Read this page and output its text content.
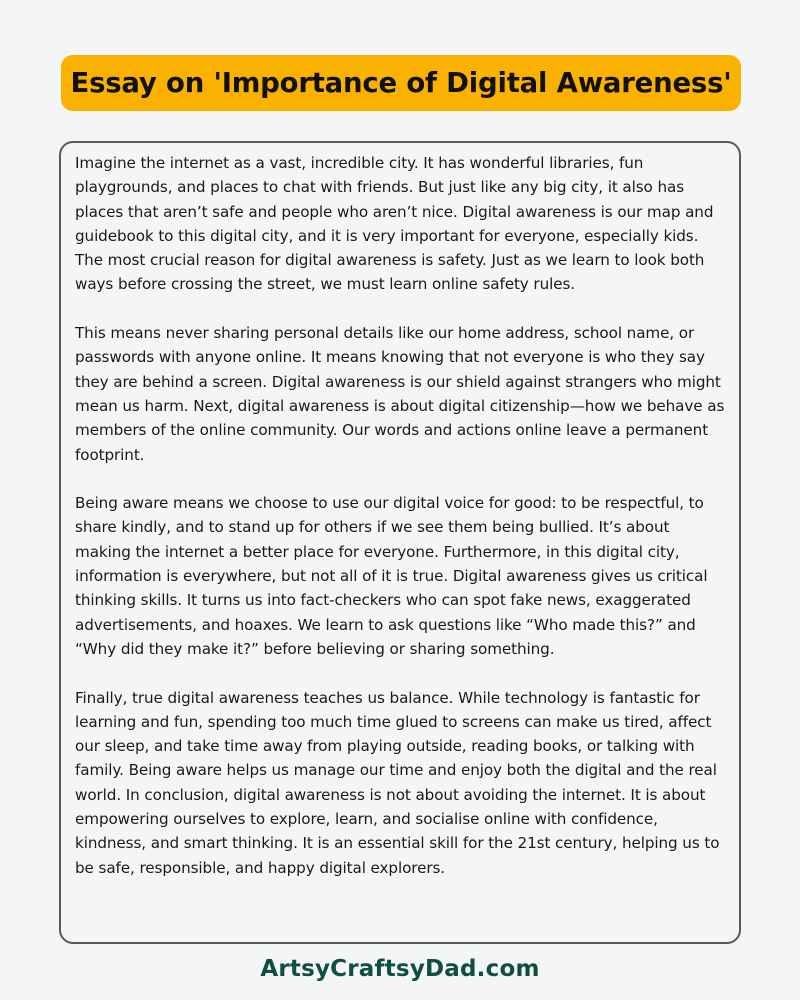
Essay on 'Importance of Digital Awareness'

Imagine the internet as a vast, incredible city. It has wonderful libraries, fun playgrounds, and places to chat with friends. But just like any big city, it also has places that aren’t safe and people who aren’t nice. Digital awareness is our map and guidebook to this digital city, and it is very important for everyone, especially kids.

The most crucial reason for digital awareness is safety. Just as we learn to look both ways before crossing the street, we must learn online safety rules.

This means never sharing personal details like our home address, school name, or passwords with anyone online. It means knowing that not everyone is who they say they are behind a screen. Digital awareness is our shield against strangers who might mean us harm. Next, digital awareness is about digital citizenship—how we behave as members of the online community. Our words and actions online leave a permanent footprint.

Being aware means we choose to use our digital voice for good: to be respectful, to share kindly, and to stand up for others if we see them being bullied. It’s about making the internet a better place for everyone. Furthermore, in this digital city, information is everywhere, but not all of it is true. Digital awareness gives us critical thinking skills. It turns us into fact-checkers who can spot fake news, exaggerated advertisements, and hoaxes. We learn to ask questions like “Who made this?” and “Why did they make it?” before believing or sharing something.

Finally, true digital awareness teaches us balance. While technology is fantastic for learning and fun, spending too much time glued to screens can make us tired, affect our sleep, and take time away from playing outside, reading books, or talking with family. Being aware helps us manage our time and enjoy both the digital and the real world. In conclusion, digital awareness is not about avoiding the internet. It is about empowering ourselves to explore, learn, and socialise online with confidence, kindness, and smart thinking. It is an essential skill for the 21st century, helping us to be safe, responsible, and happy digital explorers.

ArtsyCraftsyDad.com
